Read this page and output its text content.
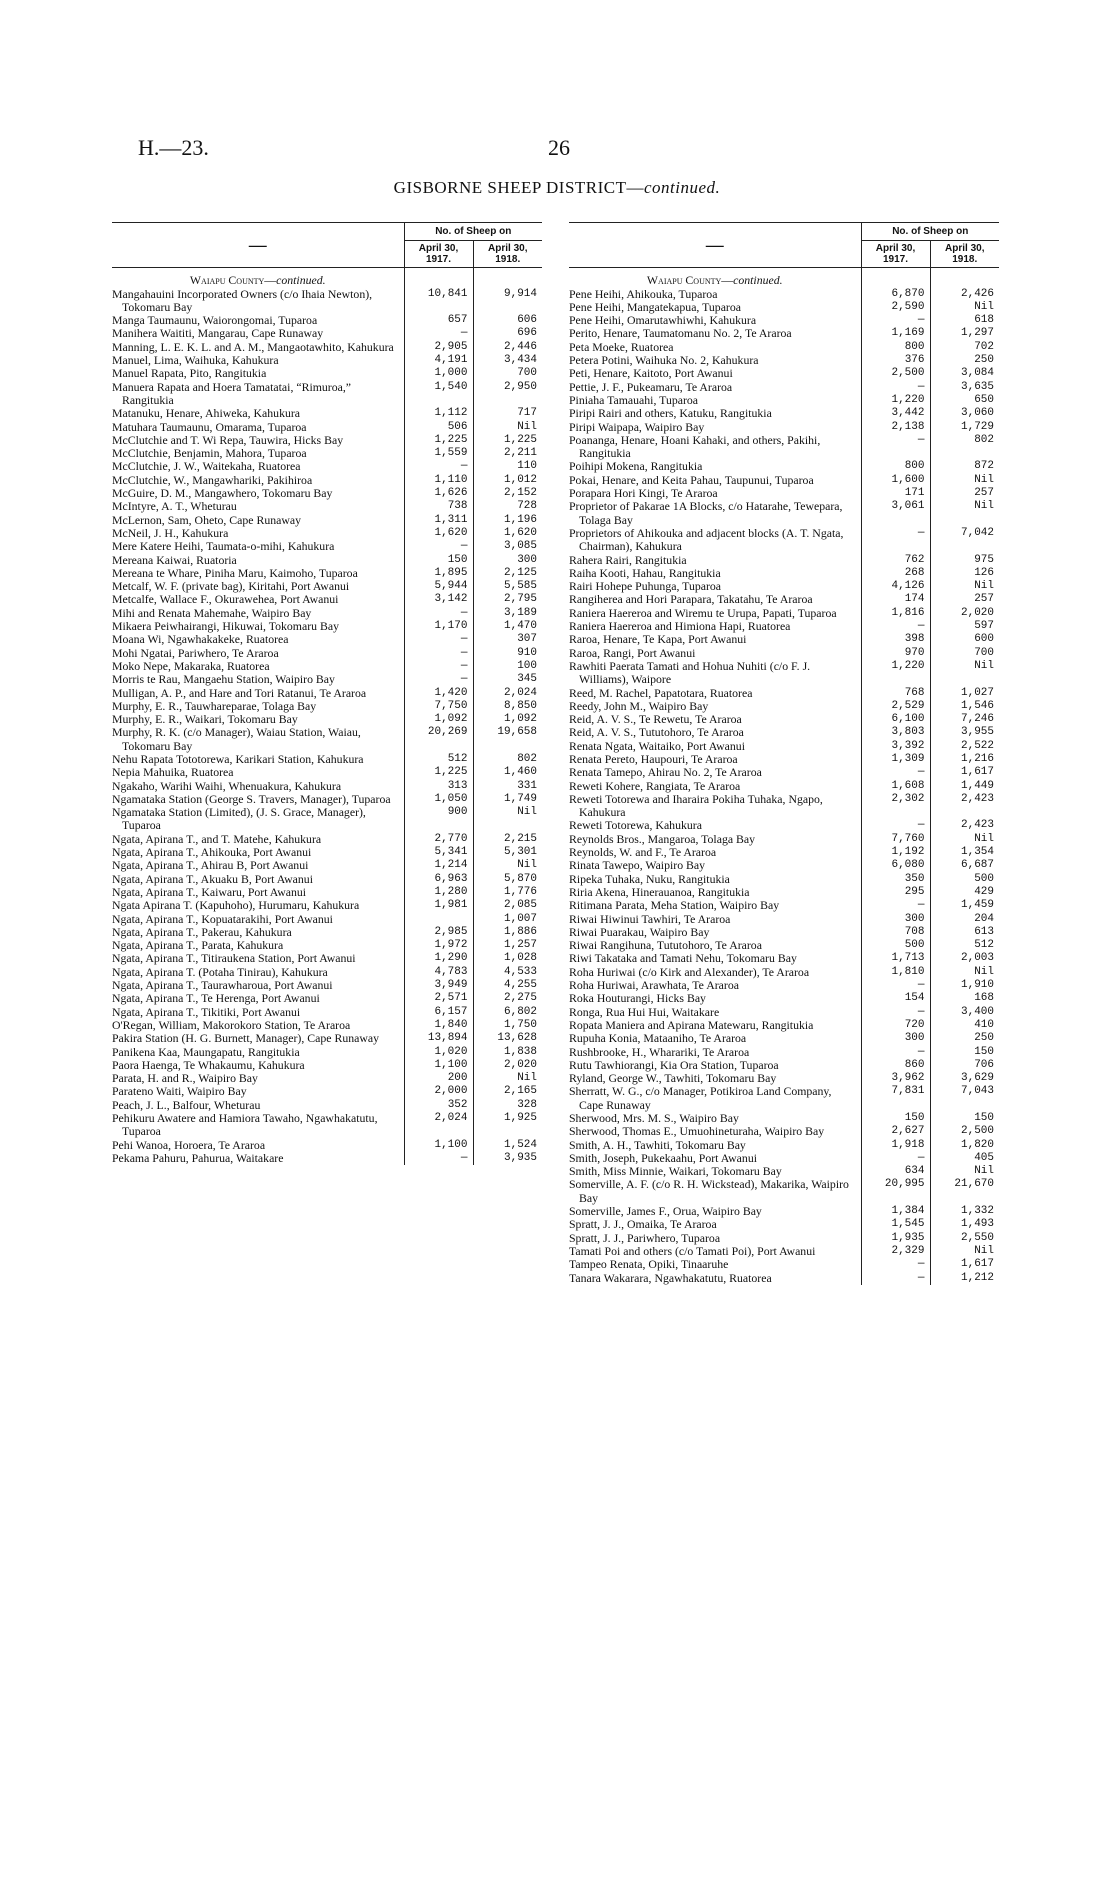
H.—23.	26
GISBORNE SHEEP DISTRICT—continued.
—	No. of Sheep on	
	April 30, 1917.	April 30, 1918.
Waiapu County—continued.		
Mangahauini Incorporated Owners (c/o Ihaia Newton), Tokomaru Bay	10,841	9,914
Manga Taumaunu, Waiorongomai, Tuparoa	657	606
Manihera Waititi, Mangarau, Cape Runaway	—	696
Manning, L. E. K. L. and A. M., Mangaotawhito, Kahukura	2,905	2,446
Manuel, Lima, Waihuka, Kahukura	4,191	3,434
Manuel Rapata, Pito, Rangitukia	1,000	700
Manuera Rapata and Hoera Tamatatai, “Rimuroa,” Rangitukia	1,540	2,950
Matanuku, Henare, Ahiweka, Kahukura	1,112	717
Matuhara Taumaunu, Omarama, Tuparoa	506	Nil
McClutchie and T. Wi Repa, Tauwira, Hicks Bay	1,225	1,225
McClutchie, Benjamin, Mahora, Tuparoa	1,559	2,211
McClutchie, J. W., Waitekaha, Ruatorea	—	110
McClutchie, W., Mangawhariki, Pakihiroa	1,110	1,012
McGuire, D. M., Mangawhero, Tokomaru Bay	1,626	2,152
McIntyre, A. T., Wheturau	738	728
McLernon, Sam, Oheto, Cape Runaway	1,311	1,196
McNeil, J. H., Kahukura	1,620	1,620
Mere Katere Heihi, Taumata-o-mihi, Kahukura	—	3,085
Mereana Kaiwai, Ruatoria	150	300
Mereana te Whare, Piniha Maru, Kaimoho, Tuparoa	1,895	2,125
Metcalf, W. F. (private bag), Kiritahi, Port Awanui	5,944	5,585
Metcalfe, Wallace F., Okurawehea, Port Awanui	3,142	2,795
Mihi and Renata Mahemahe, Waipiro Bay	—	3,189
Mikaera Peiwhairangi, Hikuwai, Tokomaru Bay	1,170	1,470
Moana Wi, Ngawhakakeke, Ruatorea	—	307
Mohi Ngatai, Pariwhero, Te Araroa	—	910
Moko Nepe, Makaraka, Ruatorea	—	100
Morris te Rau, Mangaehu Station, Waipiro Bay	—	345
Mulligan, A. P., and Hare and Tori Ratanui, Te Araroa	1,420	2,024
Murphy, E. R., Tauwhareparae, Tolaga Bay	7,750	8,850
Murphy, E. R., Waikari, Tokomaru Bay	1,092	1,092
Murphy, R. K. (c/o Manager), Waiau Station, Waiau, Tokomaru Bay	20,269	19,658
Nehu Rapata Tototorewa, Karikari Station, Kahukura	512	802
Nepia Mahuika, Ruatorea	1,225	1,460
Ngakaho, Warihi Waihi, Whenuakura, Kahukura	313	331
Ngamataka Station (George S. Travers, Manager), Tuparoa	1,050	1,749
Ngamataka Station (Limited), (J. S. Grace, Manager), Tuparoa	900	Nil
Ngata, Apirana T., and T. Matehe, Kahukura	2,770	2,215
Ngata, Apirana T., Ahikouka, Port Awanui	5,341	5,301
Ngata, Apirana T., Ahirau B, Port Awanui	1,214	Nil
Ngata, Apirana T., Akuaku B, Port Awanui	6,963	5,870
Ngata, Apirana T., Kaiwaru, Port Awanui	1,280	1,776
Ngata Apirana T. (Kapuhoho), Hurumaru, Kahukura	1,981	2,085
Ngata, Apirana T., Kopuatarakihi, Port Awanui		1,007
Ngata, Apirana T., Pakerau, Kahukura	2,985	1,886
Ngata, Apirana T., Parata, Kahukura	1,972	1,257
Ngata, Apirana T., Titiraukena Station, Port Awanui	1,290	1,028
Ngata, Apirana T. (Potaha Tinirau), Kahukura	4,783	4,533
Ngata, Apirana T., Taurawharoua, Port Awanui	3,949	4,255
Ngata, Apirana T., Te Herenga, Port Awanui	2,571	2,275
Ngata, Apirana T., Tikitiki, Port Awanui	6,157	6,802
O'Regan, William, Makorokoro Station, Te Araroa	1,840	1,750
Pakira Station (H. G. Burnett, Manager), Cape Runaway	13,894	13,628
Panikena Kaa, Maungapatu, Rangitukia	1,020	1,838
Paora Haenga, Te Whakaumu, Kahukura	1,100	2,020
Parata, H. and R., Waipiro Bay	200	Nil
Parateno Waiti, Waipiro Bay	2,000	2,165
Peach, J. L., Balfour, Wheturau	352	328
Pehikuru Awatere and Hamiora Tawaho, Ngawhakatutu, Tuparoa	2,024	1,925
Pehi Wanoa, Horoera, Te Araroa	1,100	1,524
Pekama Pahuru, Pahurua, Waitakare	—	3,935
—	No. of Sheep on	
	April 30, 1917.	April 30, 1918.
Waiapu County—continued.		
Pene Heihi, Ahikouka, Tuparoa	6,870	2,426
Pene Heihi, Mangatekapua, Tuparoa	2,590	Nil
Pene Heihi, Omarutawhiwhi, Kahukura	—	618
Perito, Henare, Taumatomanu No. 2, Te Araroa	1,169	1,297
Peta Moeke, Ruatorea	800	702
Petera Potini, Waihuka No. 2, Kahukura	376	250
Peti, Henare, Kaitoto, Port Awanui	2,500	3,084
Pettie, J. F., Pukeamaru, Te Araroa	—	3,635
Piniaha Tamauahi, Tuparoa	1,220	650
Piripi Rairi and others, Katuku, Rangitukia	3,442	3,060
Piripi Waipapa, Waipiro Bay	2,138	1,729
Poananga, Henare, Hoani Kahaki, and others, Pakihi, Rangitukia	—	802
Poihipi Mokena, Rangitukia	800	872
Pokai, Henare, and Keita Pahau, Taupunui, Tuparoa	1,600	Nil
Porapara Hori Kingi, Te Araroa	171	257
Proprietor of Pakarae 1A Blocks, c/o Hatarahe, Tewepara, Tolaga Bay	3,061	Nil
Proprietors of Ahikouka and adjacent blocks (A. T. Ngata, Chairman), Kahukura	—	7,042
Rahera Rairi, Rangitukia	762	975
Raiha Kooti, Hahau, Rangitukia	268	126
Rairi Hohepe Puhunga, Tuparoa	4,126	Nil
Rangiherea and Hori Parapara, Takatahu, Te Araroa	174	257
Raniera Haereroa and Wiremu te Urupa, Papati, Tuparoa	1,816	2,020
Raniera Haereroa and Himiona Hapi, Ruatorea	—	597
Raroa, Henare, Te Kapa, Port Awanui	398	600
Raroa, Rangi, Port Awanui	970	700
Rawhiti Paerata Tamati and Hohua Nuhiti (c/o F. J. Williams), Waipore	1,220	Nil
Reed, M. Rachel, Papatotara, Ruatorea	768	1,027
Reedy, John M., Waipiro Bay	2,529	1,546
Reid, A. V. S., Te Rewetu, Te Araroa	6,100	7,246
Reid, A. V. S., Tututohoro, Te Araroa	3,803	3,955
Renata Ngata, Waitaiko, Port Awanui	3,392	2,522
Renata Pereto, Haupouri, Te Araroa	1,309	1,216
Renata Tamepo, Ahirau No. 2, Te Araroa	—	1,617
Reweti Kohere, Rangiata, Te Araroa	1,608	1,449
Reweti Totorewa and Iharaira Pokiha Tuhaka, Ngapo, Kahukura	2,302	2,423
Reweti Totorewa, Kahukura	—	2,423
Reynolds Bros., Mangaroa, Tolaga Bay	7,760	Nil
Reynolds, W. and F., Te Araroa	1,192	1,354
Rinata Tawepo, Waipiro Bay	6,080	6,687
Ripeka Tuhaka, Nuku, Rangitukia	350	500
Riria Akena, Hinerauanoa, Rangitukia	295	429
Ritimana Parata, Meha Station, Waipiro Bay	—	1,459
Riwai Hiwinui Tawhiri, Te Araroa	300	204
Riwai Puarakau, Waipiro Bay	708	613
Riwai Rangihuna, Tututohoro, Te Araroa	500	512
Riwi Takataka and Tamati Nehu, Tokomaru Bay	1,713	2,003
Roha Huriwai (c/o Kirk and Alexander), Te Araroa	1,810	Nil
Roha Huriwai, Arawhata, Te Araroa	—	1,910
Roka Houturangi, Hicks Bay	154	168
Ronga, Rua Hui Hui, Waitakare	—	3,400
Ropata Maniera and Apirana Matewaru, Rangitukia	720	410
Rupuha Konia, Mataaniho, Te Araroa	300	250
Rushbrooke, H., Wharariki, Te Araroa	—	150
Rutu Tawhiorangi, Kia Ora Station, Tuparoa	860	706
Ryland, George W., Tawhiti, Tokomaru Bay	3,962	3,629
Sherratt, W. G., c/o Manager, Potikiroa Land Company, Cape Runaway	7,831	7,043
Sherwood, Mrs. M. S., Waipiro Bay	150	150
Sherwood, Thomas E., Umuohineturaha, Waipiro Bay	2,627	2,500
Smith, A. H., Tawhiti, Tokomaru Bay	1,918	1,820
Smith, Joseph, Pukekaahu, Port Awanui	—	405
Smith, Miss Minnie, Waikari, Tokomaru Bay	634	Nil
Somerville, A. F. (c/o R. H. Wickstead), Makarika, Waipiro Bay	20,995	21,670
Somerville, James F., Orua, Waipiro Bay	1,384	1,332
Spratt, J. J., Omaika, Te Araroa	1,545	1,493
Spratt, J. J., Pariwhero, Tuparoa	1,935	2,550
Tamati Poi and others (c/o Tamati Poi), Port Awanui	2,329	Nil
Tampeo Renata, Opiki, Tinaaruhe	—	1,617
Tanara Wakarara, Ngawhakatutu, Ruatorea	—	1,212
